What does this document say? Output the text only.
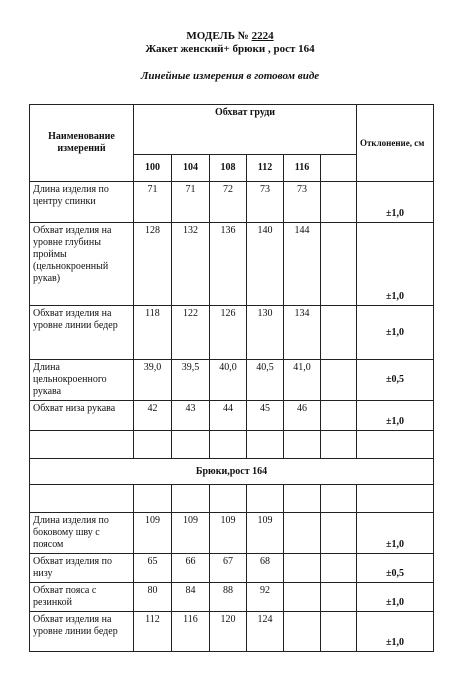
МОДЕЛЬ № 2224
Жакет женский+ брюки , рост 164
Линейные измерения в готовом виде
Наименование измерений	Обхват груди						Отклонение, см
	100	104	108	112	116		
Длина изделия по центру спинки	71	71	72	73	73		±1,0
Обхват изделия на уровне глубины проймы (цельнокроенный рукав)	128	132	136	140	144		±1,0
Обхват изделия на уровне линии бедер	118	122	126	130	134		±1,0
Длина цельнокроенного рукава	39,0	39,5	40,0	40,5	41,0		±0,5
Обхват низа рукава	42	43	44	45	46		±1,0

Брюки,рост 164							

Длина изделия по боковому шву с поясом	109	109	109	109			±1,0
Обхват изделия по низу	65	66	67	68			±0,5
Обхват пояса с резинкой	80	84	88	92			±1,0
Обхват изделия на уровне линии бедер	112	116	120	124			±1,0
